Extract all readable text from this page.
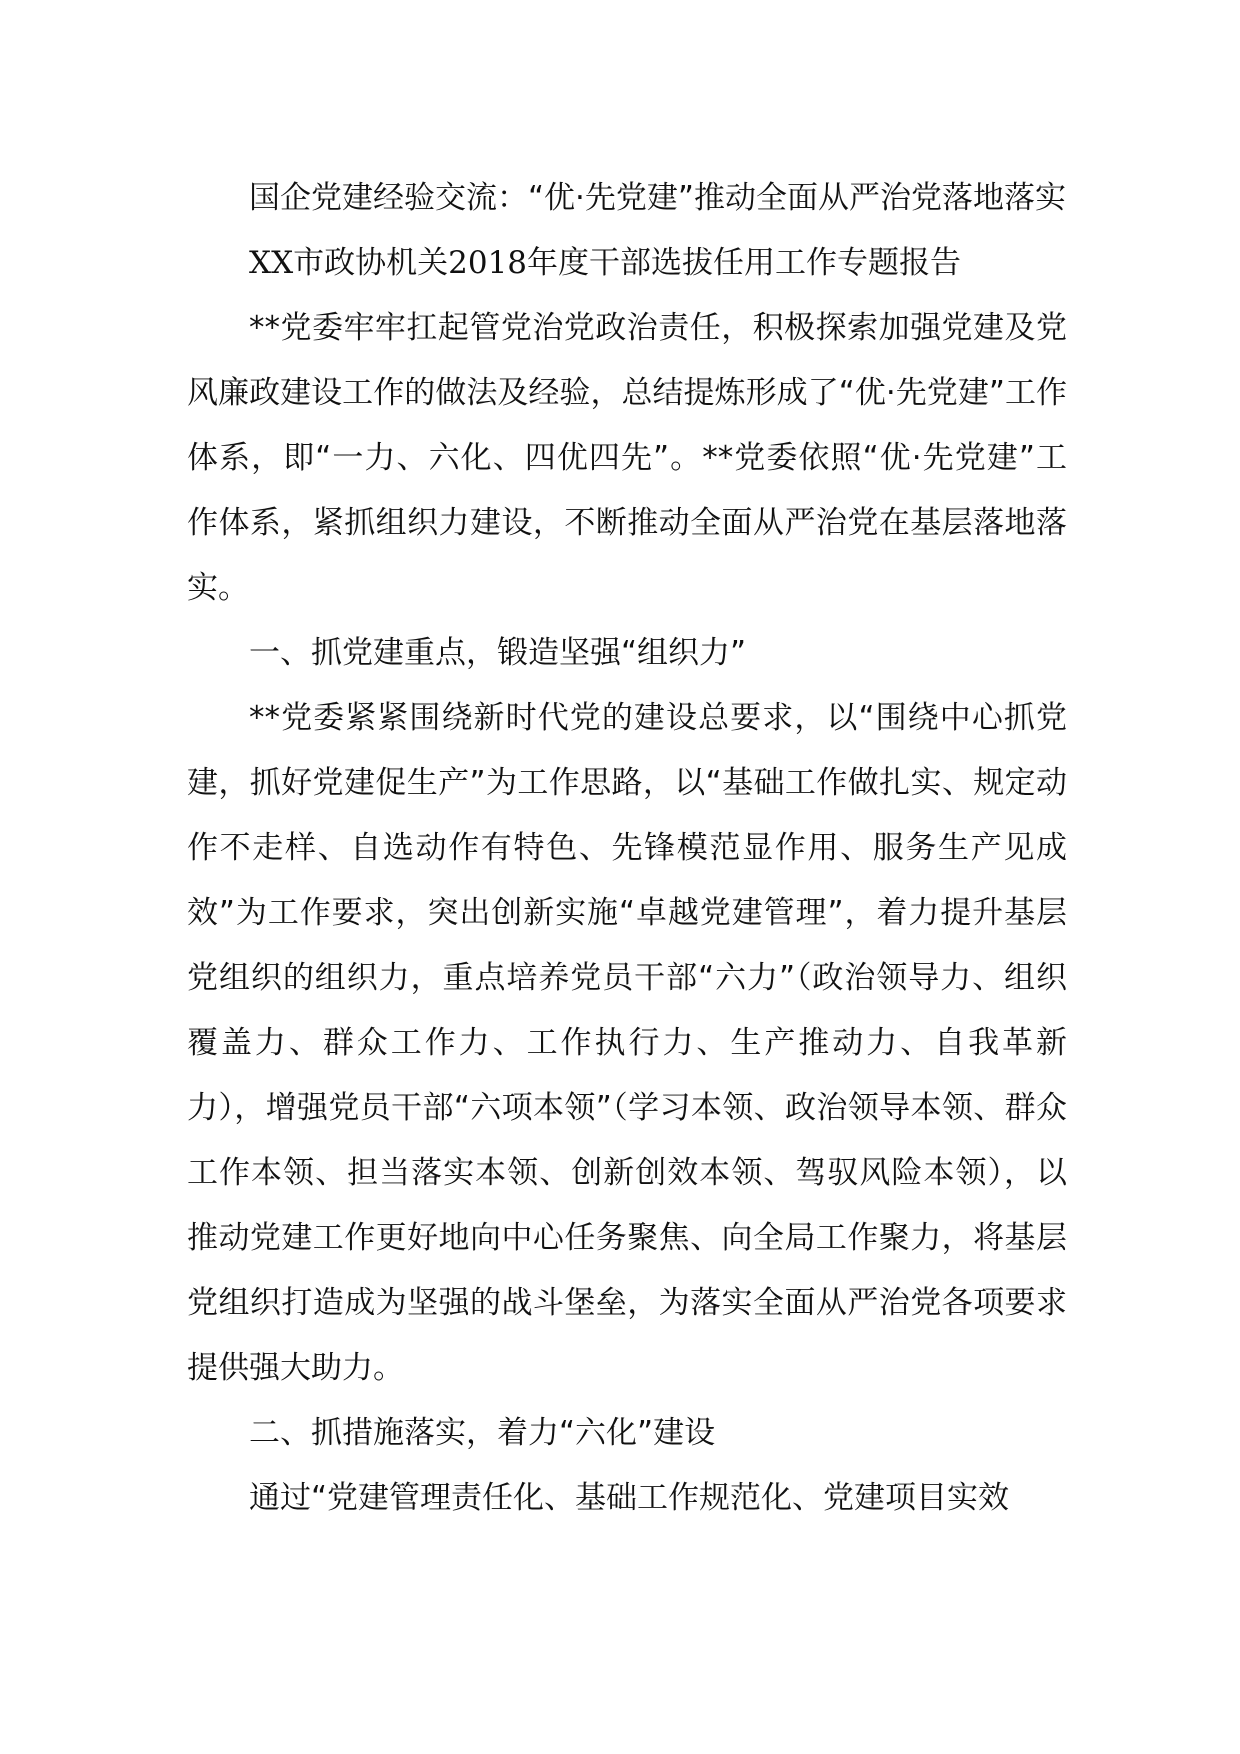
国企党建经验交流：“优·先党建”推动全面从严治党落地落实

XX市政协机关2018年度干部选拔任用工作专题报告

**党委牢牢扛起管党治党政治责任，积极探索加强党建及党风廉政建设工作的做法及经验，总结提炼形成了“优·先党建”工作体系，即“一力、六化、四优四先”。**党委依照“优·先党建”工作体系，紧抓组织力建设，不断推动全面从严治党在基层落地落实。

一、抓党建重点，锻造坚强“组织力”

**党委紧紧围绕新时代党的建设总要求，以“围绕中心抓党建，抓好党建促生产”为工作思路，以“基础工作做扎实、规定动作不走样、自选动作有特色、先锋模范显作用、服务生产见成效”为工作要求，突出创新实施“卓越党建管理”，着力提升基层党组织的组织力，重点培养党员干部“六力”（政治领导力、组织覆盖力、群众工作力、工作执行力、生产推动力、自我革新力），增强党员干部“六项本领”（学习本领、政治领导本领、群众工作本领、担当落实本领、创新创效本领、驾驭风险本领），以推动党建工作更好地向中心任务聚焦、向全局工作聚力，将基层党组织打造成为坚强的战斗堡垒，为落实全面从严治党各项要求提供强大助力。

二、抓措施落实，着力“六化”建设

通过“党建管理责任化、基础工作规范化、党建项目实效
